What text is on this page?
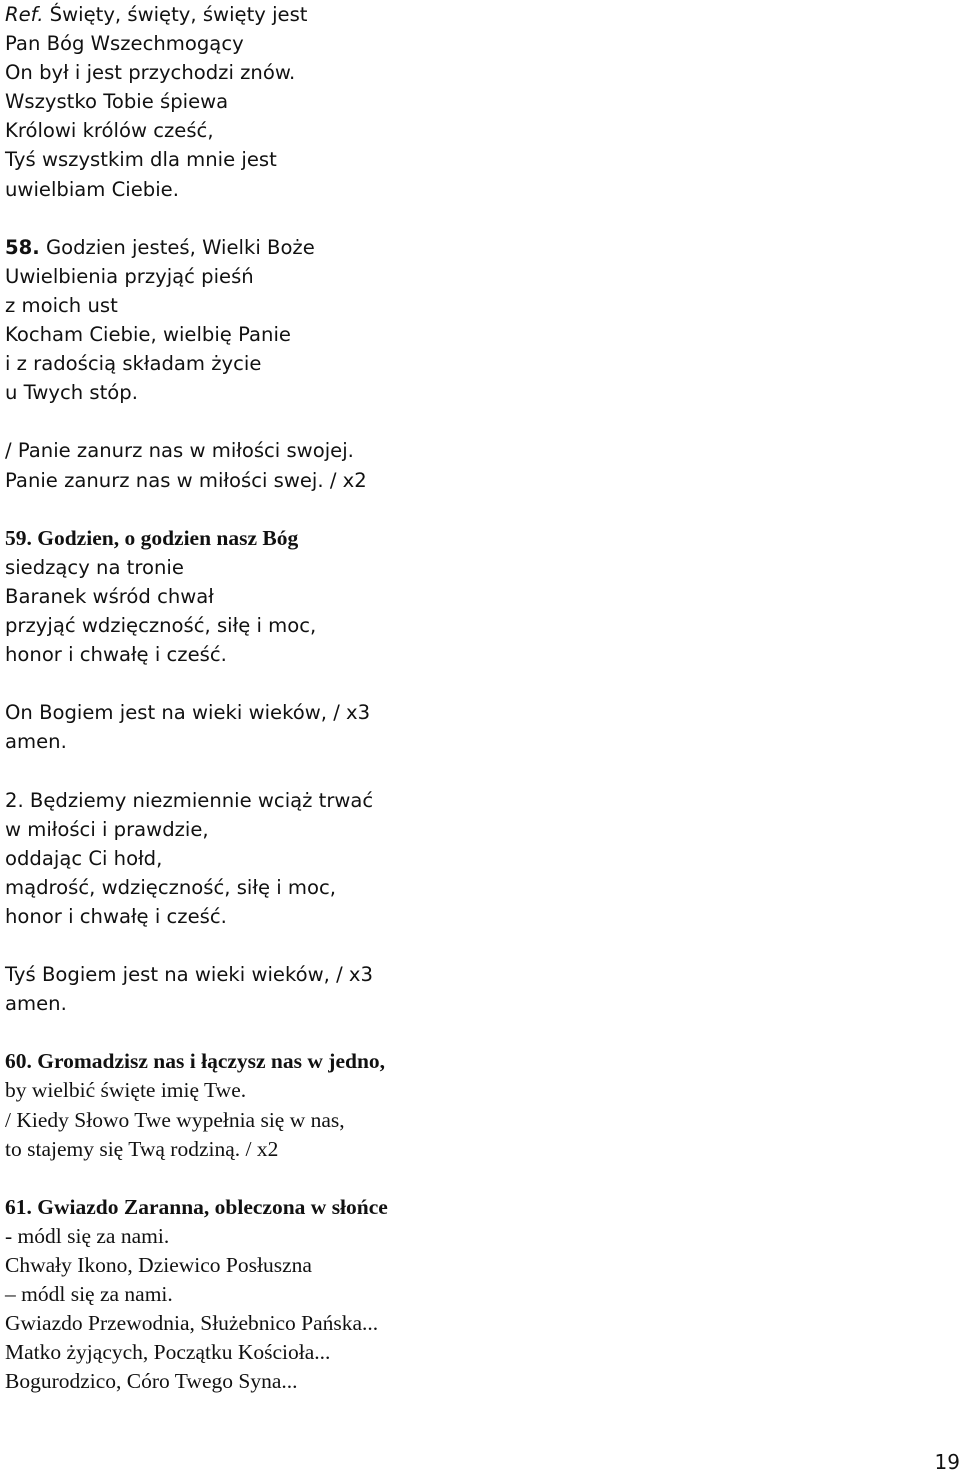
Ref. Święty, święty, święty jest
Pan Bóg Wszechmogący
On był i jest przychodzi znów.
Wszystko Tobie śpiewa
Królowi królów cześć,
Tyś wszystkim dla mnie jest
uwielbiam Ciebie.
58. Godzien jesteś, Wielki Boże
Uwielbienia przyjąć pieśń
z moich ust
Kocham Ciebie, wielbię Panie
i z radością składam życie
u Twych stóp.
/ Panie zanurz nas w miłości swojej.
Panie zanurz nas w miłości swej. / x2
59. Godzien, o godzien nasz Bóg
siedzący na tronie
Baranek wśród chwał
przyjąć wdzięczność, siłę i moc,
honor i chwałę i cześć.
On Bogiem jest na wieki wieków, / x3
amen.
2. Będziemy niezmiennie wciąż trwać
w miłości i prawdzie,
oddając Ci hołd,
mądrość, wdzięczność, siłę i moc,
honor i chwałę i cześć.
Tyś Bogiem jest na wieki wieków, / x3
amen.
60. Gromadzisz nas i łączysz nas w jedno,
by wielbić święte imię Twe.
/ Kiedy Słowo Twe wypełnia się w nas,
to stajemy się Twą rodziną. / x2
61. Gwiazdo Zaranna, obleczona w słońce
- módl się za nami.
Chwały Ikono, Dziewico Posłuszna
– módl się za nami.
Gwiazdo Przewodnia, Służebnico Pańska...
Matko żyjących, Początku Kościoła...
Bogurodzico, Córo Twego Syna...
19
